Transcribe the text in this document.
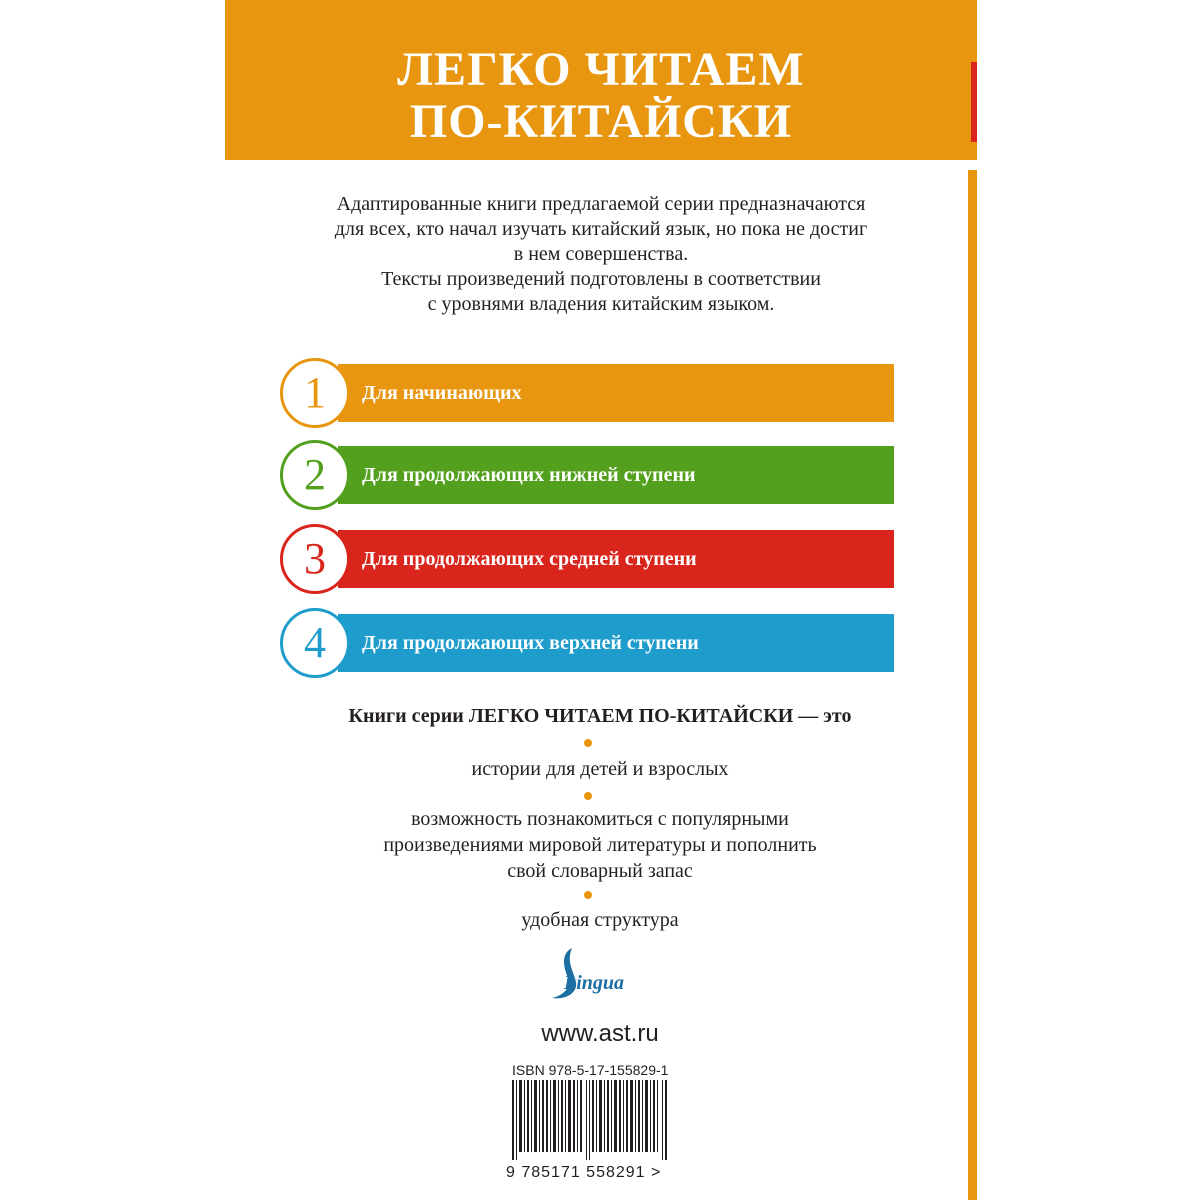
ЛЕГКО ЧИТАЕМ
ПО-КИТАЙСКИ

Адаптированные книги предлагаемой серии предназначаются

для всех, кто начал изучать китайский язык, но пока не достиг

в нем совершенства.

Тексты произведений подготовлены в соответствии

с уровнями владения китайским языком.

1	Для начинающих
2	Для продолжающих нижней ступени
3	Для продолжающих средней ступени
4	Для продолжающих верхней ступени
Книги серии ЛЕГКО ЧИТАЕМ ПО-КИТАЙСКИ — это
истории для детей и взрослых
возможность познакомиться с популярными
произведениями мировой литературы и пополнить
свой словарный запас
удобная структура
Lingua
www.ast.ru
ISBN 978-5-17-155829-1
9 785171 558291 >
